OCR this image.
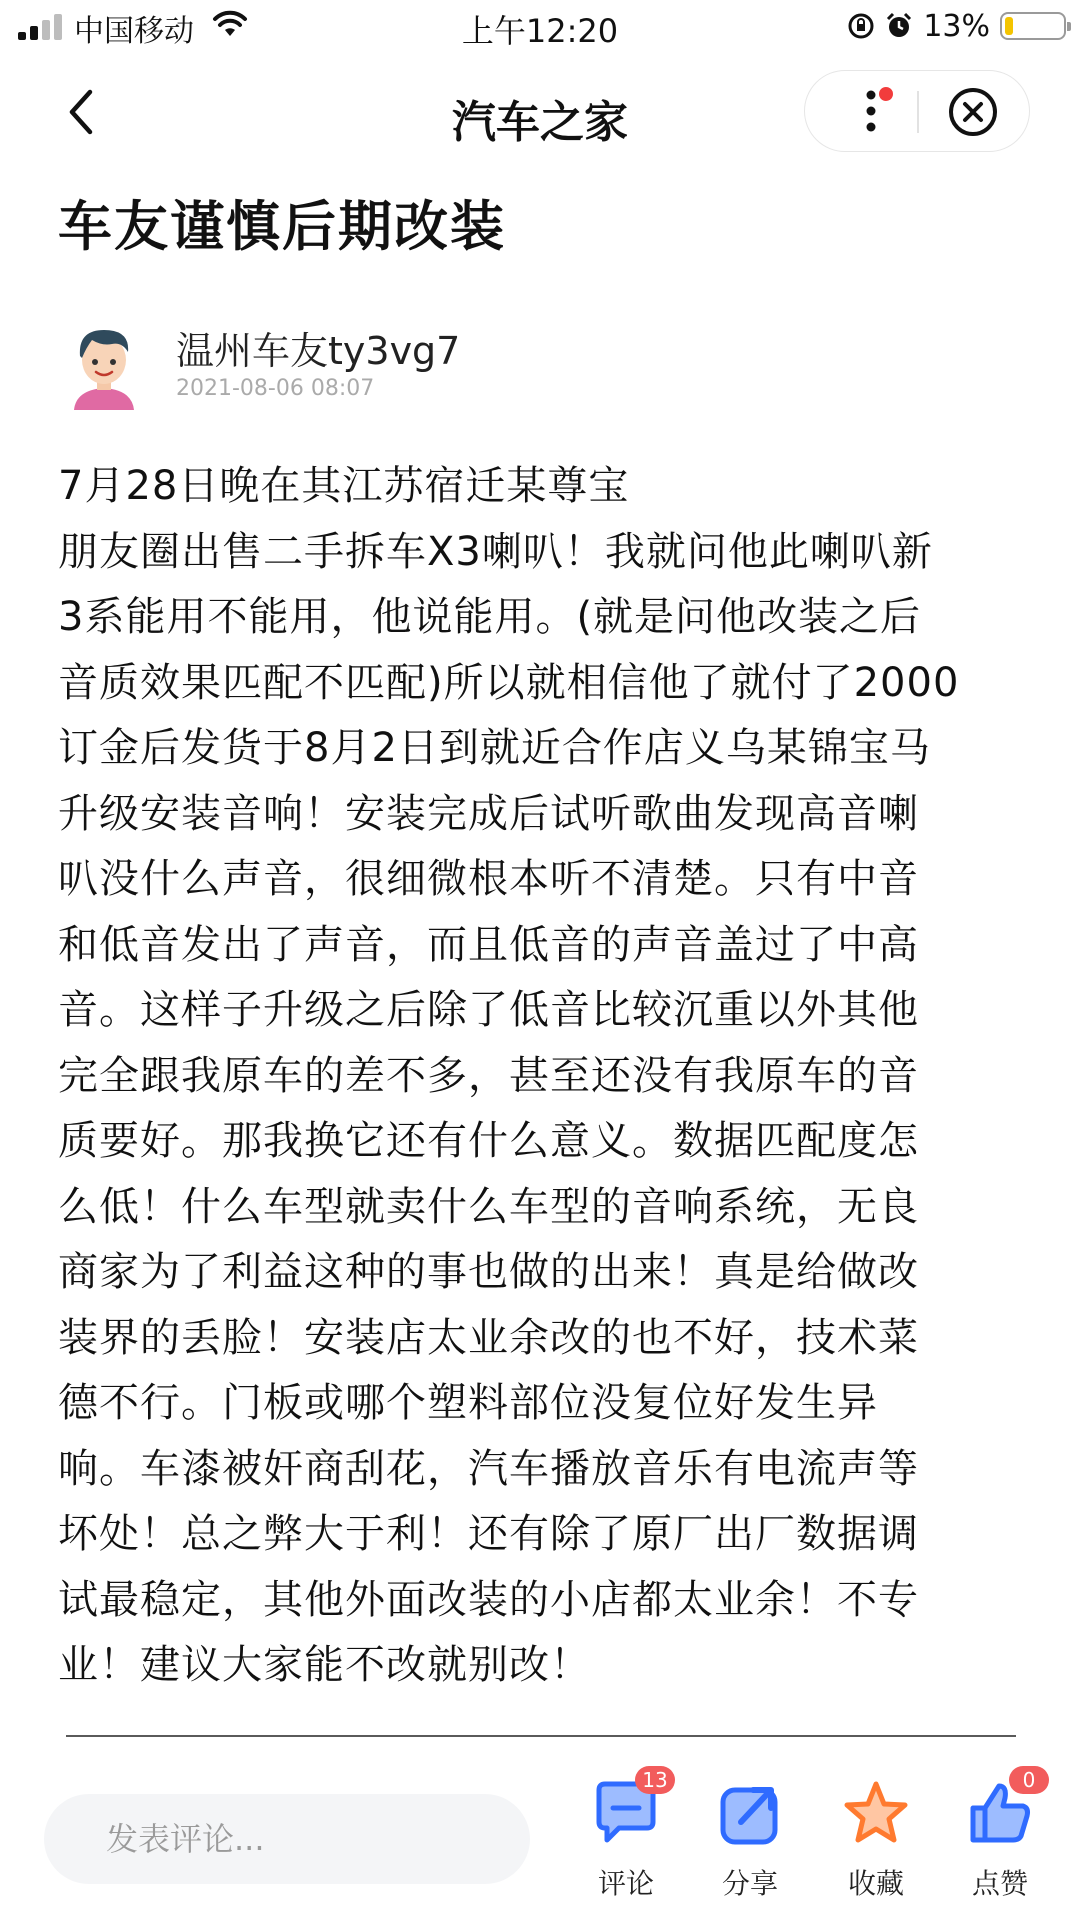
中国移动	上午12:20	13%
汽车之家
车友谨慎后期改装
温州车友ty3vg7
2021-08-06 08:07
7月28日晚在其江苏宿迁某尊宝
朋友圈出售二手拆车X3喇叭！我就问他此喇叭新
3系能用不能用，他说能用。(就是问他改装之后
音质效果匹配不匹配)所以就相信他了就付了2000
订金后发货于8月2日到就近合作店义乌某锦宝马
升级安装音响！安装完成后试听歌曲发现高音喇
叭没什么声音，很细微根本听不清楚。只有中音
和低音发出了声音，而且低音的声音盖过了中高
音。这样子升级之后除了低音比较沉重以外其他
完全跟我原车的差不多，甚至还没有我原车的音
质要好。那我换它还有什么意义。数据匹配度怎
么低！什么车型就卖什么车型的音响系统，无良
商家为了利益这种的事也做的出来！真是给做改
装界的丢脸！安装店太业余改的也不好，技术菜
德不行。门板或哪个塑料部位没复位好发生异
响。车漆被奸商刮花，汽车播放音乐有电流声等
坏处！总之弊大于利！还有除了原厂出厂数据调
试最稳定，其他外面改装的小店都太业余！不专
业！建议大家能不改就别改！
发表评论...
13
评论	分享	收藏
0
点赞
